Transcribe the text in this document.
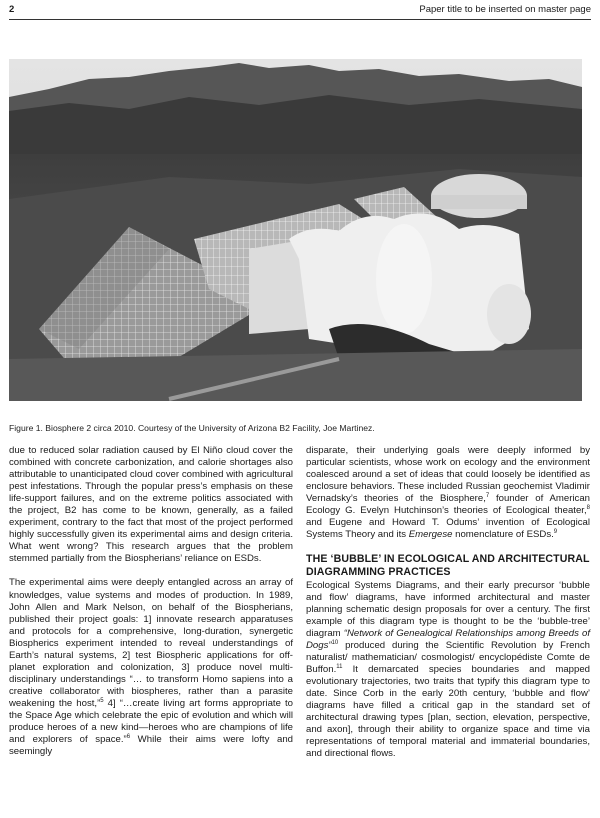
2	Paper title to be inserted on master page
Figure 1. Biosphere 2 circa 2010. Courtesy of the University of Arizona B2 Facility, Joe Martinez.

due to reduced solar radiation caused by El Niño cloud cover the combined with concrete carbonization, and calorie shortages also attributable to unanticipated cloud cover combined with agricultural pest infestations. Through the popular press’s emphasis on these life-support failures, and on the extreme politics associated with the project, B2 has come to be known, generally, as a failed experiment, contrary to the fact that most of the project performed highly successfully given its experimental aims and design criteria. What went wrong? This research argues that the problem stemmed partially from the Biospherians’ reliance on ESDs.

The experimental aims were deeply entangled across an array of knowledges, value systems and modes of production. In 1989, John Allen and Mark Nelson, on behalf of the Biospherians, published their project goals: 1] innovate research apparatuses and protocols for a comprehensive, long-duration, synergetic Biospherics experiment intended to reveal understandings of Earth’s natural systems, 2] test Biospheric applications for off-planet exploration and colonization, 3] produce novel multi-disciplinary understandings “… to transform Homo sapiens into a creative collaborator with biospheres, rather than a parasite weakening the host,”$^5$ 4] “…create living art forms appropriate to the Space Age which celebrate the epic of evolution and which will produce heroes of a new kind—heroes who are champions of life and explorers of space.”$^6$ While their aims were lofty and seemingly

disparate, their underlying goals were deeply informed by particular scientists, whose work on ecology and the environment coalesced around a set of ideas that could loosely be identified as enclosure behaviors. These included Russian geochemist Vladimir Vernadsky’s theories of the Biosphere,$^7$ founder of American Ecology G. Evelyn Hutchinson’s theories of Ecological theater,$^8$ and Eugene and Howard T. Odums’ invention of Ecological Systems Theory and its Emergese nomenclature of ESDs.$^9$

THE ‘BUBBLE’ IN ECOLOGICAL AND ARCHITECTURAL DIAGRAMMING PRACTICES

Ecological Systems Diagrams, and their early precursor ‘bubble and flow’ diagrams, have informed architectural and master planning schematic design proposals for over a century. The first example of this diagram type is thought to be the ‘bubble-tree’ diagram “Network of Genealogical Relationships among Breeds of Dogs”$^{10}$ produced during the Scientific Revolution by French naturalist/ mathematician/ cosmologist/ encyclopédiste Comte de Buffon.$^{11}$ It demarcated species boundaries and mapped evolutionary trajectories, two traits that typify this diagram type to date. Since Corb in the early 20th century, ‘bubble and flow’ diagrams have filled a critical gap in the standard set of architectural drawing types [plan, section, elevation, perspective, and axon], through their ability to organize space and time via representations of temporal material and immaterial boundaries, and directional flows.
